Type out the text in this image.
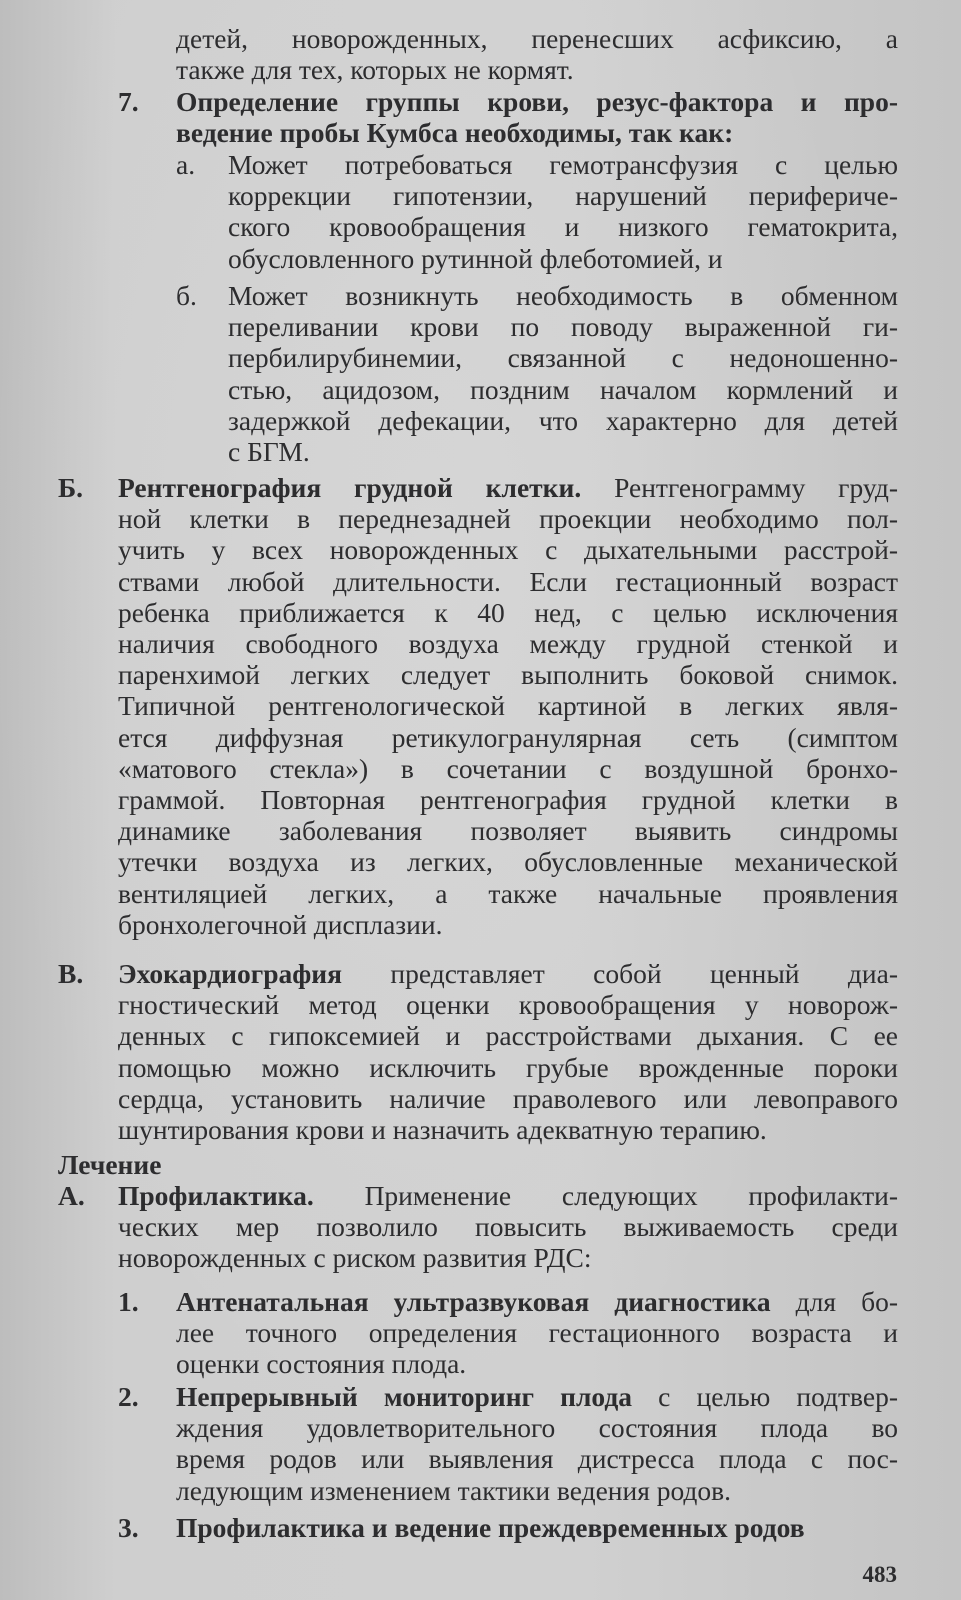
детей, новорожденных, перенесших асфиксию, а
также для тех, которых не кормят.
7. Определение группы крови, резус-фактора и про-
ведение пробы Кумбса необходимы, так как:
а. Может потребоваться гемотрансфузия с целью
коррекции гипотензии, нарушений перифериче-
ского кровообращения и низкого гематокрита,
обусловленного рутинной флеботомией, и
б. Может возникнуть необходимость в обменном
переливании крови по поводу выраженной ги-
пербилирубинемии, связанной с недоношенно-
стью, ацидозом, поздним началом кормлений и
задержкой дефекации, что характерно для детей
с БГМ.
Б. Рентгенография грудной клетки. Рентгенограмму груд-
ной клетки в переднезадней проекции необходимо пол-
учить у всех новорожденных с дыхательными расстрой-
ствами любой длительности. Если гестационный возраст
ребенка приближается к 40 нед, с целью исключения
наличия свободного воздуха между грудной стенкой и
паренхимой легких следует выполнить боковой снимок.
Типичной рентгенологической картиной в легких явля-
ется диффузная ретикулогранулярная сеть (симптом
«матового стекла») в сочетании с воздушной бронхо-
граммой. Повторная рентгенография грудной клетки в
динамике заболевания позволяет выявить синдромы
утечки воздуха из легких, обусловленные механической
вентиляцией легких, а также начальные проявления
бронхолегочной дисплазии.
В. Эхокардиография представляет собой ценный диа-
гностический метод оценки кровообращения у новорож-
денных с гипоксемией и расстройствами дыхания. С ее
помощью можно исключить грубые врожденные пороки
сердца, установить наличие праволевого или левоправого
шунтирования крови и назначить адекватную терапию.
Лечение
А. Профилактика. Применение следующих профилакти-
ческих мер позволило повысить выживаемость среди
новорожденных с риском развития РДС:
1. Антенатальная ультразвуковая диагностика для бо-
лее точного определения гестационного возраста и
оценки состояния плода.
2. Непрерывный мониторинг плода с целью подтвер-
ждения удовлетворительного состояния плода во
время родов или выявления дистресса плода с пос-
ледующим изменением тактики ведения родов.
3. Профилактика и ведение преждевременных родов
483
